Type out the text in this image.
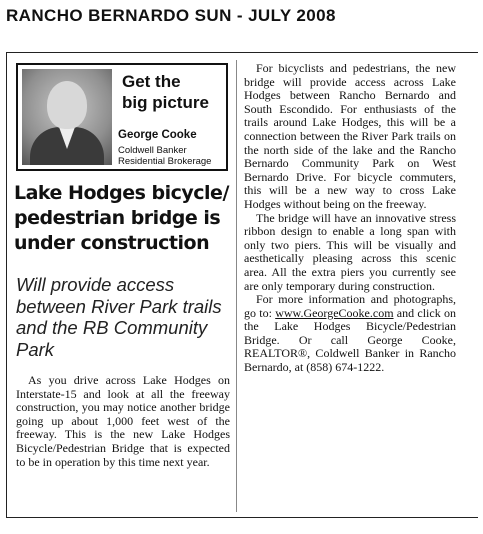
RANCHO BERNARDO SUN - JULY 2008
Get the
big picture
George Cooke
Coldwell Banker
Residential Brokerage
Lake Hodges bicycle/ pedestrian bridge is under construction
Will provide access between River Park trails and the RB Community Park

As you drive across Lake Hodges on Interstate-15 and look at all the freeway construction, you may notice another bridge going up about 1,000 feet west of the freeway. This is the new Lake Hodges Bicycle/Pedestrian Bridge that is expected to be in operation by this time next year.

For bicyclists and pedestrians, the new bridge will provide access across Lake Hodges between Rancho Bernardo and South Escondido. For enthusiasts of the trails around Lake Hodges, this will be a connection between the River Park trails on the north side of the lake and the Rancho Bernardo Community Park on West Bernardo Drive. For bicycle commuters, this will be a new way to cross Lake Hodges without being on the freeway.

The bridge will have an innovative stress ribbon design to enable a long span with only two piers. This will be visually and aesthetically pleasing across this scenic area. All the extra piers you currently see are only temporary during construction.

For more information and photographs, go to: www.GeorgeCooke.com and click on the Lake Hodges Bicycle/Pedestrian Bridge. Or call George Cooke, REALTOR®, Coldwell Banker in Rancho Bernardo, at (858) 674-1222.
